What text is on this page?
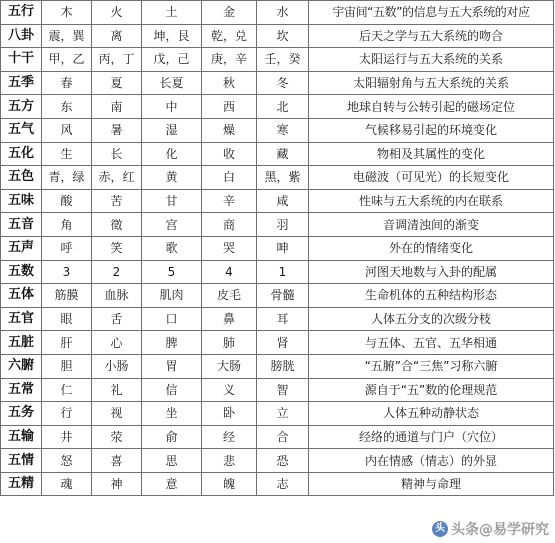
五行	木	火	土	金	水	宇宙间“五数”的信息与五大系统的对应
八卦	震，巽	离	坤，艮	乾，兑	坎	后天之学与五大系统的吻合
十干	甲，乙	丙，丁	戊，己	庚，辛	壬，癸	太阳运行与五大系统的关系
五季	春	夏	长夏	秋	冬	太阳辐射角与五大系统的关系
五方	东	南	中	西	北	地球自转与公转引起的磁场定位
五气	风	暑	湿	燥	寒	气候移易引起的环境变化
五化	生	长	化	收	藏	物相及其属性的变化
五色	青，绿	赤，红	黄	白	黑，紫	电磁波（可见光）的长短变化
五味	酸	苦	甘	辛	咸	性味与五大系统的内在联系
五音	角	徵	宫	商	羽	音调清浊间的渐变
五声	呼	笑	歌	哭	呻	外在的情绪变化
五数	3	2	5	4	1	河图天地数与入卦的配属
五体	筋膜	血脉	肌肉	皮毛	骨髓	生命机体的五种结构形态
五官	眼	舌	口	鼻	耳	人体五分支的次级分枝
五脏	肝	心	脾	肺	肾	与五体、五官、五华相通
六腑	胆	小肠	胃	大肠	膀胱	“五腑”合“三焦”习称六腑
五常	仁	礼	信	义	智	源自于“五”数的伦理规范
五务	行	视	坐	卧	立	人体五种动静状态
五输	井	荥	俞	经	合	经络的通道与门户（穴位）
五情	怒	喜	思	悲	恐	内在情感（情志）的外显
五精	魂	神	意	魄	志	精神与命理
头 头条@易学研究
